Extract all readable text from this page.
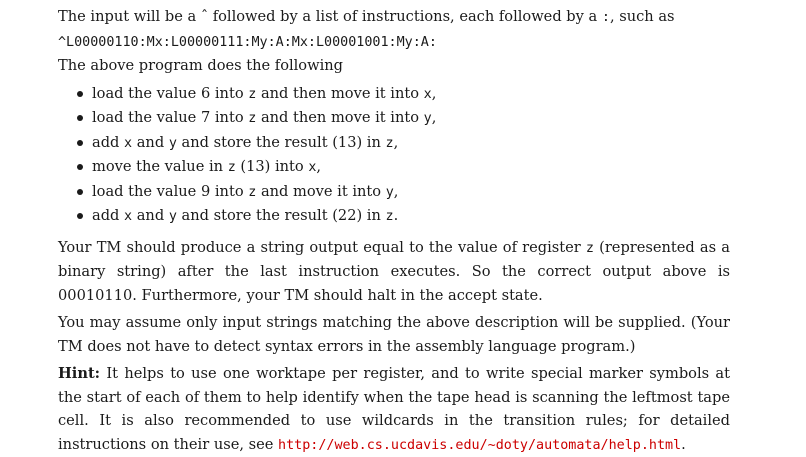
The input will be a ˆ followed by a list of instructions, each followed by a :, such as

^L00000110:Mx:L00000111:My:A:Mx:L00001001:My:A:

The above program does the following

load the value 6 into z and then move it into x,
load the value 7 into z and then move it into y,
add x and y and store the result (13) in z,
move the value in z (13) into x,
load the value 9 into z and move it into y,
add x and y and store the result (22) in z.

Your TM should produce a string output equal to the value of register z (represented as a binary string) after the last instruction executes. So the correct output above is 00010110. Furthermore, your TM should halt in the accept state.

You may assume only input strings matching the above description will be supplied. (Your TM does not have to detect syntax errors in the assembly language program.)

Hint: It helps to use one worktape per register, and to write special marker symbols at the start of each of them to help identify when the tape head is scanning the leftmost tape cell. It is also recommended to use wildcards in the transition rules; for detailed instructions on their use, see http://web.cs.ucdavis.edu/~doty/automata/help.html.
